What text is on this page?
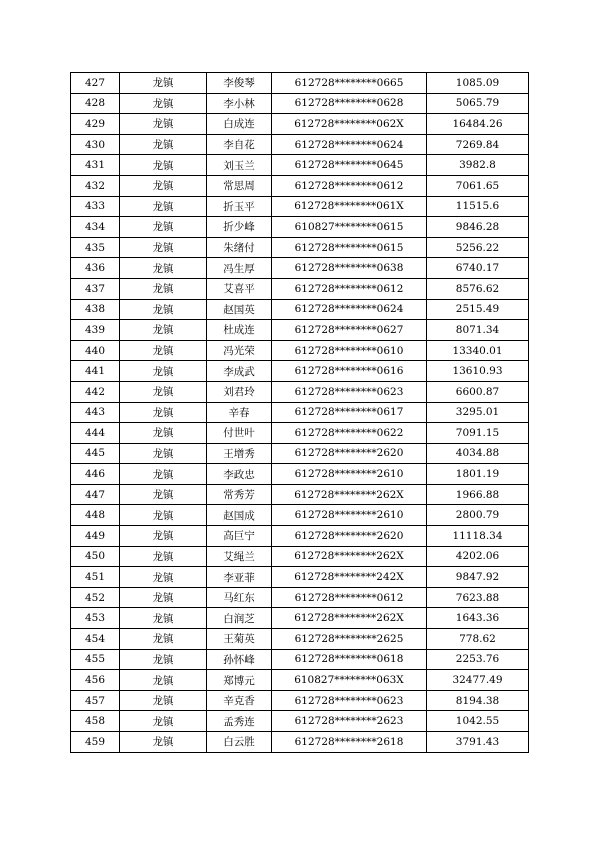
427	龙镇	李俊琴	612728********0665	1085.09
428	龙镇	李小林	612728********0628	5065.79
429	龙镇	白成连	612728********062X	16484.26
430	龙镇	李自花	612728********0624	7269.84
431	龙镇	刘玉兰	612728********0645	3982.8
432	龙镇	常思周	612728********0612	7061.65
433	龙镇	折玉平	612728********061X	11515.6
434	龙镇	折少峰	610827********0615	9846.28
435	龙镇	朱绪付	612728********0615	5256.22
436	龙镇	冯生厚	612728********0638	6740.17
437	龙镇	艾喜平	612728********0612	8576.62
438	龙镇	赵国英	612728********0624	2515.49
439	龙镇	杜成连	612728********0627	8071.34
440	龙镇	冯光荣	612728********0610	13340.01
441	龙镇	李成武	612728********0616	13610.93
442	龙镇	刘君玲	612728********0623	6600.87
443	龙镇	辛春	612728********0617	3295.01
444	龙镇	付世叶	612728********0622	7091.15
445	龙镇	王增秀	612728********2620	4034.88
446	龙镇	李政忠	612728********2610	1801.19
447	龙镇	常秀芳	612728********262X	1966.88
448	龙镇	赵国成	612728********2610	2800.79
449	龙镇	高巨宁	612728********2620	11118.34
450	龙镇	艾绳兰	612728********262X	4202.06
451	龙镇	李亚菲	612728********242X	9847.92
452	龙镇	马红东	612728********0612	7623.88
453	龙镇	白润芝	612728********262X	1643.36
454	龙镇	王菊英	612728********2625	778.62
455	龙镇	孙怀峰	612728********0618	2253.76
456	龙镇	郑博元	610827********063X	32477.49
457	龙镇	辛克香	612728********0623	8194.38
458	龙镇	孟秀连	612728********2623	1042.55
459	龙镇	白云胜	612728********2618	3791.43
